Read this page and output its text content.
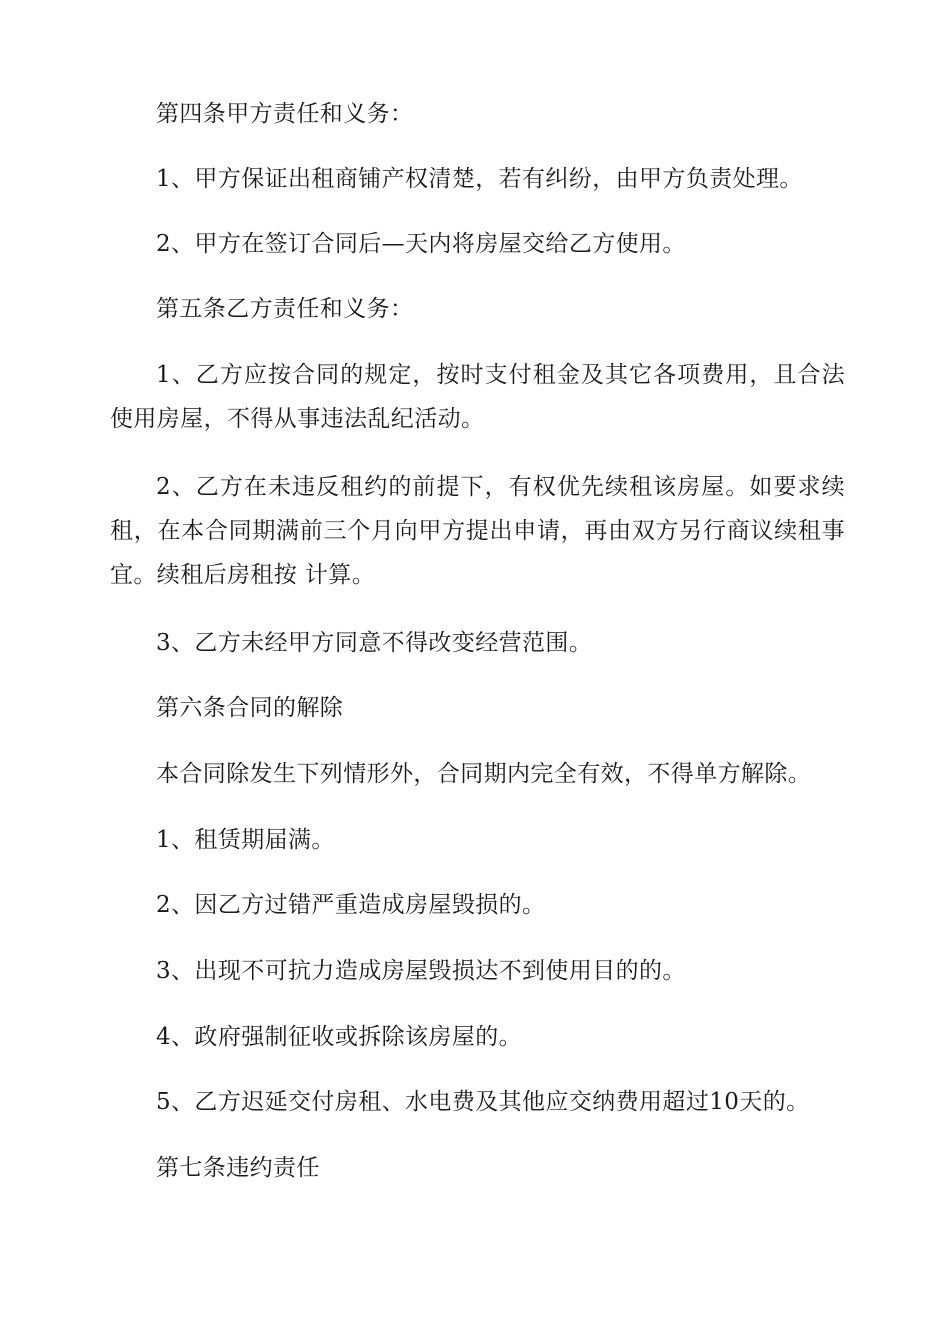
第四条甲方责任和义务：

1、甲方保证出租商铺产权清楚，若有纠纷，由甲方负责处理。

2、甲方在签订合同后—天内将房屋交给乙方使用。

第五条乙方责任和义务：

1、乙方应按合同的规定，按时支付租金及其它各项费用，且合法使用房屋，不得从事违法乱纪活动。

2、乙方在未违反租约的前提下，有权优先续租该房屋。如要求续租，在本合同期满前三个月向甲方提出申请，再由双方另行商议续租事宜。续租后房租按 计算。

3、乙方未经甲方同意不得改变经营范围。

第六条合同的解除

本合同除发生下列情形外，合同期内完全有效，不得单方解除。

1、租赁期届满。

2、因乙方过错严重造成房屋毁损的。

3、出现不可抗力造成房屋毁损达不到使用目的的。

4、政府强制征收或拆除该房屋的。

5、乙方迟延交付房租、水电费及其他应交纳费用超过10天的。

第七条违约责任
